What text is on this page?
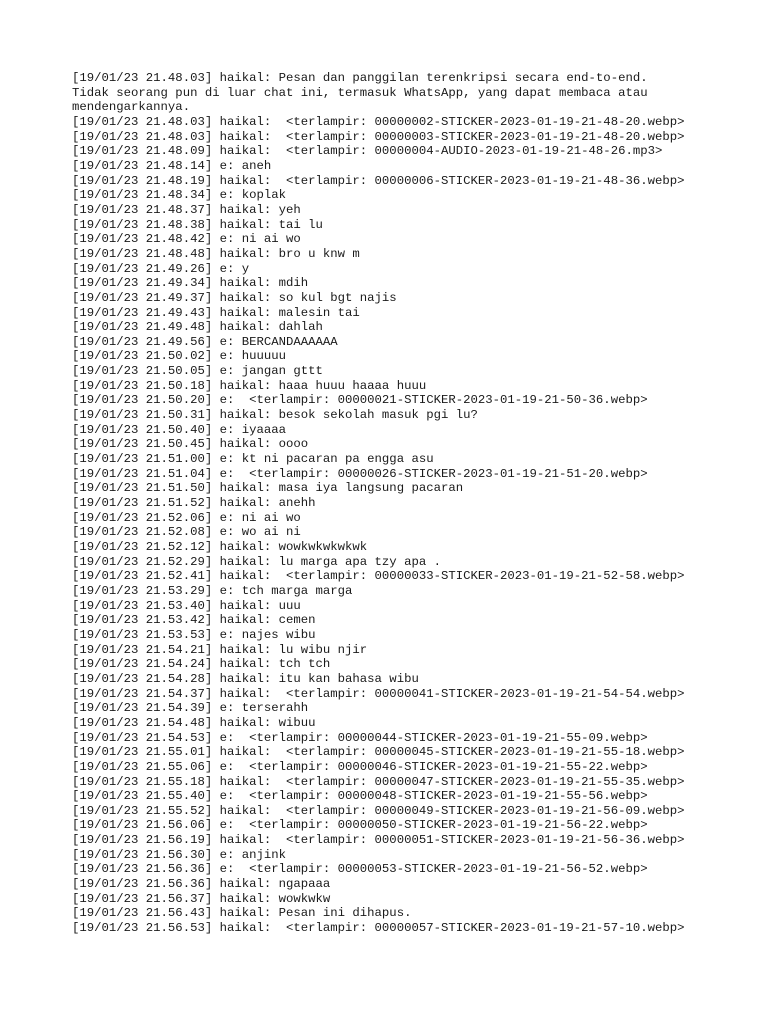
[19/01/23 21.48.03] haikal: Pesan dan panggilan terenkripsi secara end-to-end.
Tidak seorang pun di luar chat ini, termasuk WhatsApp, yang dapat membaca atau
mendengarkannya.
[19/01/23 21.48.03] haikal:  <terlampir: 00000002-STICKER-2023-01-19-21-48-20.webp>
[19/01/23 21.48.03] haikal:  <terlampir: 00000003-STICKER-2023-01-19-21-48-20.webp>
[19/01/23 21.48.09] haikal:  <terlampir: 00000004-AUDIO-2023-01-19-21-48-26.mp3>
[19/01/23 21.48.14] e: aneh
[19/01/23 21.48.19] haikal:  <terlampir: 00000006-STICKER-2023-01-19-21-48-36.webp>
[19/01/23 21.48.34] e: koplak
[19/01/23 21.48.37] haikal: yeh
[19/01/23 21.48.38] haikal: tai lu
[19/01/23 21.48.42] e: ni ai wo
[19/01/23 21.48.48] haikal: bro u knw m
[19/01/23 21.49.26] e: y
[19/01/23 21.49.34] haikal: mdih
[19/01/23 21.49.37] haikal: so kul bgt najis
[19/01/23 21.49.43] haikal: malesin tai
[19/01/23 21.49.48] haikal: dahlah
[19/01/23 21.49.56] e: BERCANDAAAAAA
[19/01/23 21.50.02] e: huuuuu
[19/01/23 21.50.05] e: jangan gttt
[19/01/23 21.50.18] haikal: haaa huuu haaaa huuu
[19/01/23 21.50.20] e:  <terlampir: 00000021-STICKER-2023-01-19-21-50-36.webp>
[19/01/23 21.50.31] haikal: besok sekolah masuk pgi lu?
[19/01/23 21.50.40] e: iyaaaa
[19/01/23 21.50.45] haikal: oooo
[19/01/23 21.51.00] e: kt ni pacaran pa engga asu
[19/01/23 21.51.04] e:  <terlampir: 00000026-STICKER-2023-01-19-21-51-20.webp>
[19/01/23 21.51.50] haikal: masa iya langsung pacaran
[19/01/23 21.51.52] haikal: anehh
[19/01/23 21.52.06] e: ni ai wo
[19/01/23 21.52.08] e: wo ai ni
[19/01/23 21.52.12] haikal: wowkwkwkwkwk
[19/01/23 21.52.29] haikal: lu marga apa tzy apa .
[19/01/23 21.52.41] haikal:  <terlampir: 00000033-STICKER-2023-01-19-21-52-58.webp>
[19/01/23 21.53.29] e: tch marga marga
[19/01/23 21.53.40] haikal: uuu
[19/01/23 21.53.42] haikal: cemen
[19/01/23 21.53.53] e: najes wibu
[19/01/23 21.54.21] haikal: lu wibu njir
[19/01/23 21.54.24] haikal: tch tch
[19/01/23 21.54.28] haikal: itu kan bahasa wibu
[19/01/23 21.54.37] haikal:  <terlampir: 00000041-STICKER-2023-01-19-21-54-54.webp>
[19/01/23 21.54.39] e: terserahh
[19/01/23 21.54.48] haikal: wibuu
[19/01/23 21.54.53] e:  <terlampir: 00000044-STICKER-2023-01-19-21-55-09.webp>
[19/01/23 21.55.01] haikal:  <terlampir: 00000045-STICKER-2023-01-19-21-55-18.webp>
[19/01/23 21.55.06] e:  <terlampir: 00000046-STICKER-2023-01-19-21-55-22.webp>
[19/01/23 21.55.18] haikal:  <terlampir: 00000047-STICKER-2023-01-19-21-55-35.webp>
[19/01/23 21.55.40] e:  <terlampir: 00000048-STICKER-2023-01-19-21-55-56.webp>
[19/01/23 21.55.52] haikal:  <terlampir: 00000049-STICKER-2023-01-19-21-56-09.webp>
[19/01/23 21.56.06] e:  <terlampir: 00000050-STICKER-2023-01-19-21-56-22.webp>
[19/01/23 21.56.19] haikal:  <terlampir: 00000051-STICKER-2023-01-19-21-56-36.webp>
[19/01/23 21.56.30] e: anjink
[19/01/23 21.56.36] e:  <terlampir: 00000053-STICKER-2023-01-19-21-56-52.webp>
[19/01/23 21.56.36] haikal: ngapaaa
[19/01/23 21.56.37] haikal: wowkwkw
[19/01/23 21.56.43] haikal: Pesan ini dihapus.
[19/01/23 21.56.53] haikal:  <terlampir: 00000057-STICKER-2023-01-19-21-57-10.webp>
